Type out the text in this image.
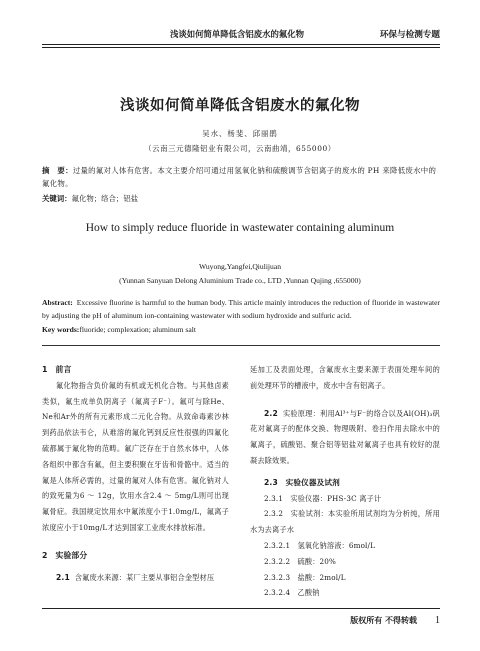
浅谈如何简单降低含铝废水的氟化物	环保与检测专题
浅谈如何简单降低含铝废水的氟化物
吴水、杨斐、邱丽鹃
（云南三元德隆铝业有限公司，云南曲靖，655000）
摘　要：过量的氟对人体有危害。本文主要介绍可通过用氢氧化钠和硫酸调节含铝离子的废水的 PH 来降低废水中的氟化物。
关键词：氟化物；络合；铝盐
How to simply reduce fluoride in wastewater containing aluminum
Wuyong,Yangfei,Qiulijuan
(Yunnan Sanyuan Delong Aluminium Trade co., LTD ,Yunnan Qujing ,655000)
Abstract: Excessive fluorine is harmful to the human body. This article mainly introduces the reduction of fluoride in wastewater by adjusting the pH of aluminum ion-containing wastewater with sodium hydroxide and sulfuric acid.
Key words:fluoride; complexation; aluminum salt

1　前言

氟化物指含负价氟的有机或无机化合物。与其他卤素类似，氟生成单负阴离子（氟离子F⁻）。氟可与除He、Ne和Ar外的所有元素形成二元化合物。从致命毒素沙林到药品依法韦仑，从难溶的氟化钙到反应性很强的四氟化硫都属于氟化物的范畴。氟广泛存在于自然水体中，人体各组织中都含有氟，但主要积聚在牙齿和骨骼中。适当的氟是人体所必需的，过量的氟对人体有危害。氟化钠对人的致死量为6 ～ 12g，饮用水含2.4 ～ 5mg/L则可出现氟骨症。我国规定饮用水中氟浓度小于1.0mg/L，氟离子浓度应小于10mg/L才达到国家工业废水排放标准。

2　实验部分

2.1 含氟废水来源：某厂主要从事铝合金型材压

延加工及表面处理，含氟废水主要来源于表面处理车间的前处理环节的槽液中，废水中含有铝离子。

2.2 实验原理：利用Al³⁺与F⁻的络合以及Al(OH)₃矾花对氟离子的配体交换、物理吸附、卷扫作用去除水中的氟离子，硫酸铝、聚合铝等铝盐对氟离子也具有较好的混凝去除效果。

2.3　实验仪器及试剂

2.3.1　实验仪器：PHS-3C 离子计

2.3.2　实验试剂：本实验所用试剂均为分析纯，所用水为去离子水

2.3.2.1　氢氧化钠溶液：6mol/L

2.3.2.2　硫酸：20%

2.3.2.3　盐酸：2mol/L

2.3.2.4　乙酸钠

版权所有 不得转载 1
